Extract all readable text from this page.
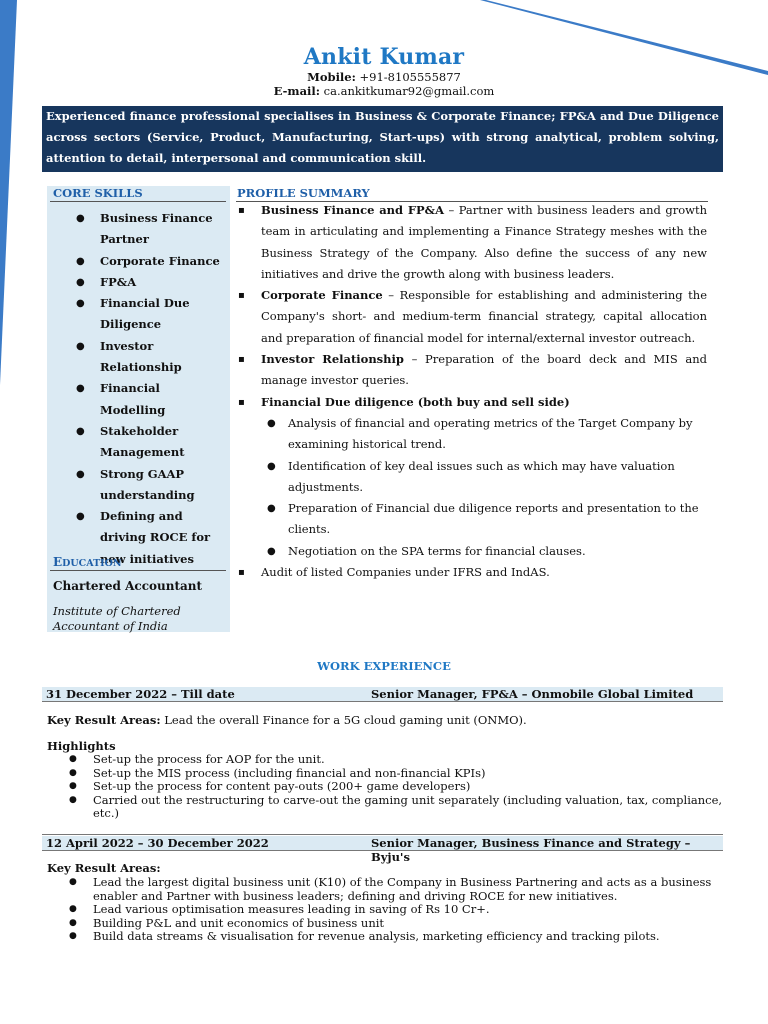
Ankit Kumar
Mobile: +91-8105555877
E-mail: ca.ankitkumar92@gmail.com
Experienced finance professional specialises in Business & Corporate Finance; FP&A and Due Diligence across sectors (Service, Product, Manufacturing, Start-ups) with strong analytical, problem solving, attention to detail, interpersonal and communication skill.
CORE SKILLS
● Business Finance Partner
● Corporate Finance
● FP&A
● Financial Due Diligence
● Investor Relationship
● Financial Modelling
● Stakeholder Management
● Strong GAAP understanding
● Defining and driving ROCE for new initiatives
EDUCATION
Chartered Accountant
Institute of Chartered Accountant of India
PROFILE SUMMARY
▪ Business Finance and FP&A – Partner with business leaders and growth team in articulating and implementing a Finance Strategy meshes with the Business Strategy of the Company. Also define the success of any new initiatives and drive the growth along with business leaders.
▪ Corporate Finance – Responsible for establishing and administering the Company's short- and medium-term financial strategy, capital allocation and preparation of financial model for internal/external investor outreach.
▪ Investor Relationship – Preparation of the board deck and MIS and manage investor queries.
▪ Financial Due diligence (both buy and sell side)
● Analysis of financial and operating metrics of the Target Company by examining historical trend.
● Identification of key deal issues such as which may have valuation adjustments.
● Preparation of Financial due diligence reports and presentation to the clients.
● Negotiation on the SPA terms for financial clauses.
▪ Audit of listed Companies under IFRS and IndAS.
WORK EXPERIENCE
31 December 2022 – Till date	Senior Manager, FP&A – Onmobile Global Limited
Key Result Areas: Lead the overall Finance for a 5G cloud gaming unit (ONMO).
Highlights
● Set-up the process for AOP for the unit.
● Set-up the MIS process (including financial and non-financial KPIs)
● Set-up the process for content pay-outs (200+ game developers)
● Carried out the restructuring to carve-out the gaming unit separately (including valuation, tax, compliance, etc.)
12 April 2022 – 30 December 2022	Senior Manager, Business Finance and Strategy – Byju's
Key Result Areas:
● Lead the largest digital business unit (K10) of the Company in Business Partnering and acts as a business enabler and Partner with business leaders; defining and driving ROCE for new initiatives.
● Lead various optimisation measures leading in saving of Rs 10 Cr+.
● Building P&L and unit economics of business unit
● Build data streams & visualisation for revenue analysis, marketing efficiency and tracking pilots.
